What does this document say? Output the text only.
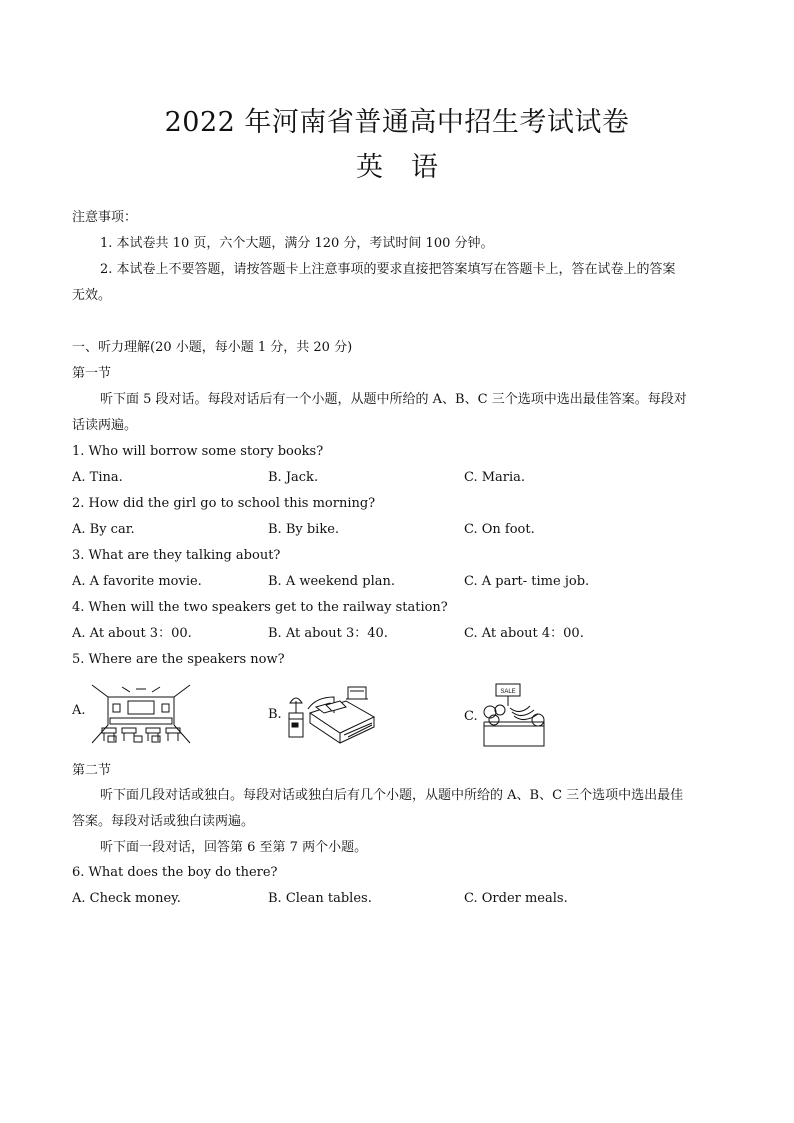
2022 年河南省普通高中招生考试试卷
英语
注意事项：
1. 本试卷共 10 页，六个大题，满分 120 分，考试时间 100 分钟。
2. 本试卷上不要答题，请按答题卡上注意事项的要求直接把答案填写在答题卡上，答在试卷上的答案
无效。
一、听力理解(20 小题，每小题 1 分，共 20 分)
第一节
听下面 5 段对话。每段对话后有一个小题，从题中所给的 A、B、C 三个选项中选出最佳答案。每段对
话读两遍。
1. Who will borrow some story books?
A. Tina.	B. Jack.	C. Maria.
2. How did the girl go to school this morning?
A. By car.	B. By bike.	C. On foot.
3. What are they talking about?
A. A favorite movie.	B. A weekend plan.	C. A part- time job.
4. When will the two speakers get to the railway station?
A. At about 3：00.	B. At about 3：40.	C. At about 4：00.
5. Where are the speakers now?
A.	B.	C.
SALE
第二节
听下面几段对话或独白。每段对话或独白后有几个小题，从题中所给的 A、B、C 三个选项中选出最佳
答案。每段对话或独白读两遍。
听下面一段对话，回答第 6 至第 7 两个小题。
6. What does the boy do there?
A. Check money.	B. Clean tables.	C. Order meals.
